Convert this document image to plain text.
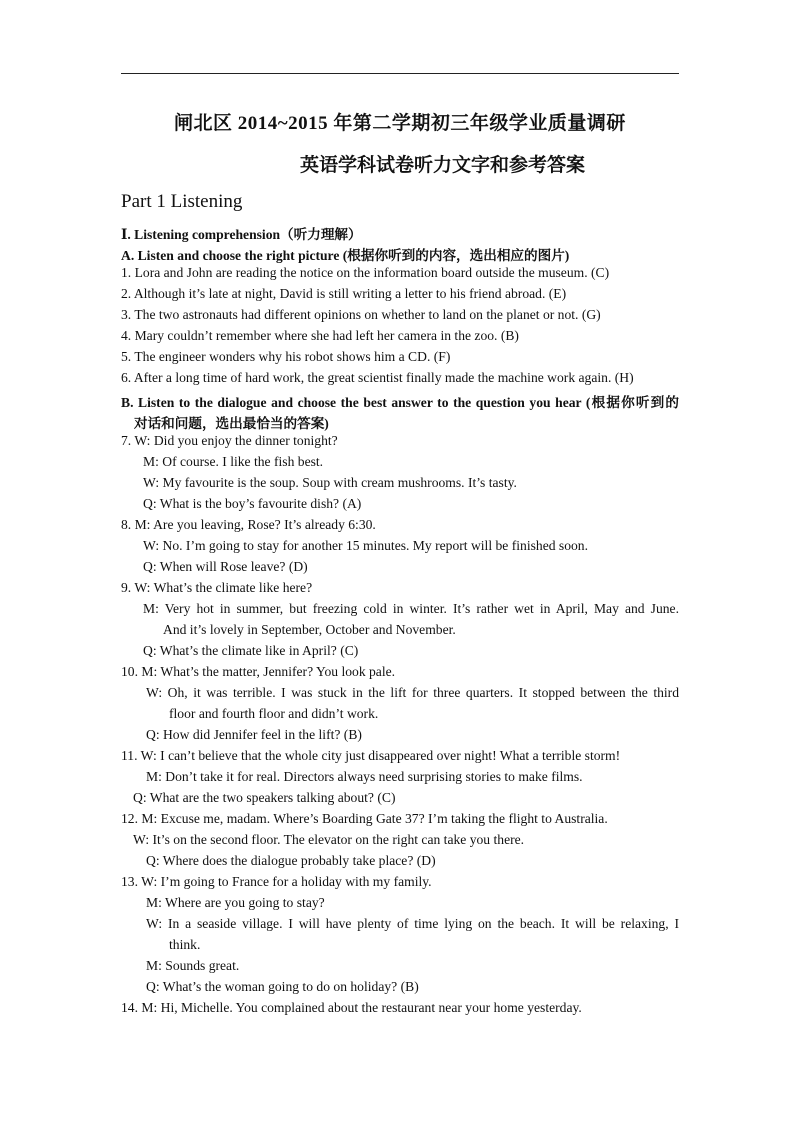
闸北区 2014~2015 年第二学期初三年级学业质量调研
英语学科试卷听力文字和参考答案
Part 1 Listening
Ⅰ. Listening comprehension（听力理解）
A. Listen and choose the right picture (根据你听到的内容，选出相应的图片)
1. Lora and John are reading the notice on the information board outside the museum. (C)
2. Although it’s late at night, David is still writing a letter to his friend abroad. (E)
3. The two astronauts had different opinions on whether to land on the planet or not. (G)
4. Mary couldn’t remember where she had left her camera in the zoo. (B)
5. The engineer wonders why his robot shows him a CD. (F)
6. After a long time of hard work, the great scientist finally made the machine work again. (H)
B. Listen to the dialogue and choose the best answer to the question you hear (根据你听到的
对话和问题，选出最恰当的答案)
7. W: Did you enjoy the dinner tonight?
M: Of course. I like the fish best.
W: My favourite is the soup. Soup with cream mushrooms. It’s tasty.
Q: What is the boy’s favourite dish? (A)
8. M: Are you leaving, Rose? It’s already 6:30.
W: No. I’m going to stay for another 15 minutes. My report will be finished soon.
Q: When will Rose leave? (D)
9. W: What’s the climate like here?
M: Very hot in summer, but freezing cold in winter. It’s rather wet in April, May and June.
And it’s lovely in September, October and November.
Q: What’s the climate like in April? (C)
10. M: What’s the matter, Jennifer? You look pale.
W: Oh, it was terrible. I was stuck in the lift for three quarters. It stopped between the third
floor and fourth floor and didn’t work.
Q: How did Jennifer feel in the lift? (B)
11. W: I can’t believe that the whole city just disappeared over night! What a terrible storm!
M: Don’t take it for real. Directors always need surprising stories to make films.
Q: What are the two speakers talking about? (C)
12. M: Excuse me, madam. Where’s Boarding Gate 37? I’m taking the flight to Australia.
W: It’s on the second floor. The elevator on the right can take you there.
Q: Where does the dialogue probably take place? (D)
13. W: I’m going to France for a holiday with my family.
M: Where are you going to stay?
W: In a seaside village. I will have plenty of time lying on the beach. It will be relaxing, I
think.
M: Sounds great.
Q: What’s the woman going to do on holiday? (B)
14. M: Hi, Michelle. You complained about the restaurant near your home yesterday.
